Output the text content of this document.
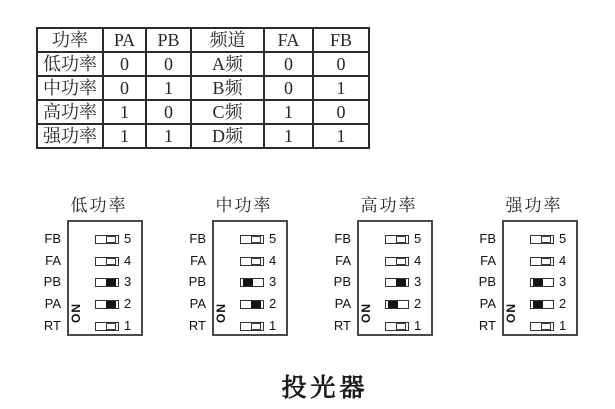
功率	PA	PB	频道	FA	FB
低功率	0	0	A频	0	0
中功率	0	1	B频	0	1
高功率	1	0	C频	1	0
强功率	1	1	D频	1	1
低功率
FB	5
FA	4
PB	3
PA	2
RT	1
ON
中功率
FB	5
FA	4
PB	3
PA	2
RT	1
ON
高功率
FB	5
FA	4
PB	3
PA	2
RT	1
ON
强功率
FB	5
FA	4
PB	3
PA	2
RT	1
ON
投光器
